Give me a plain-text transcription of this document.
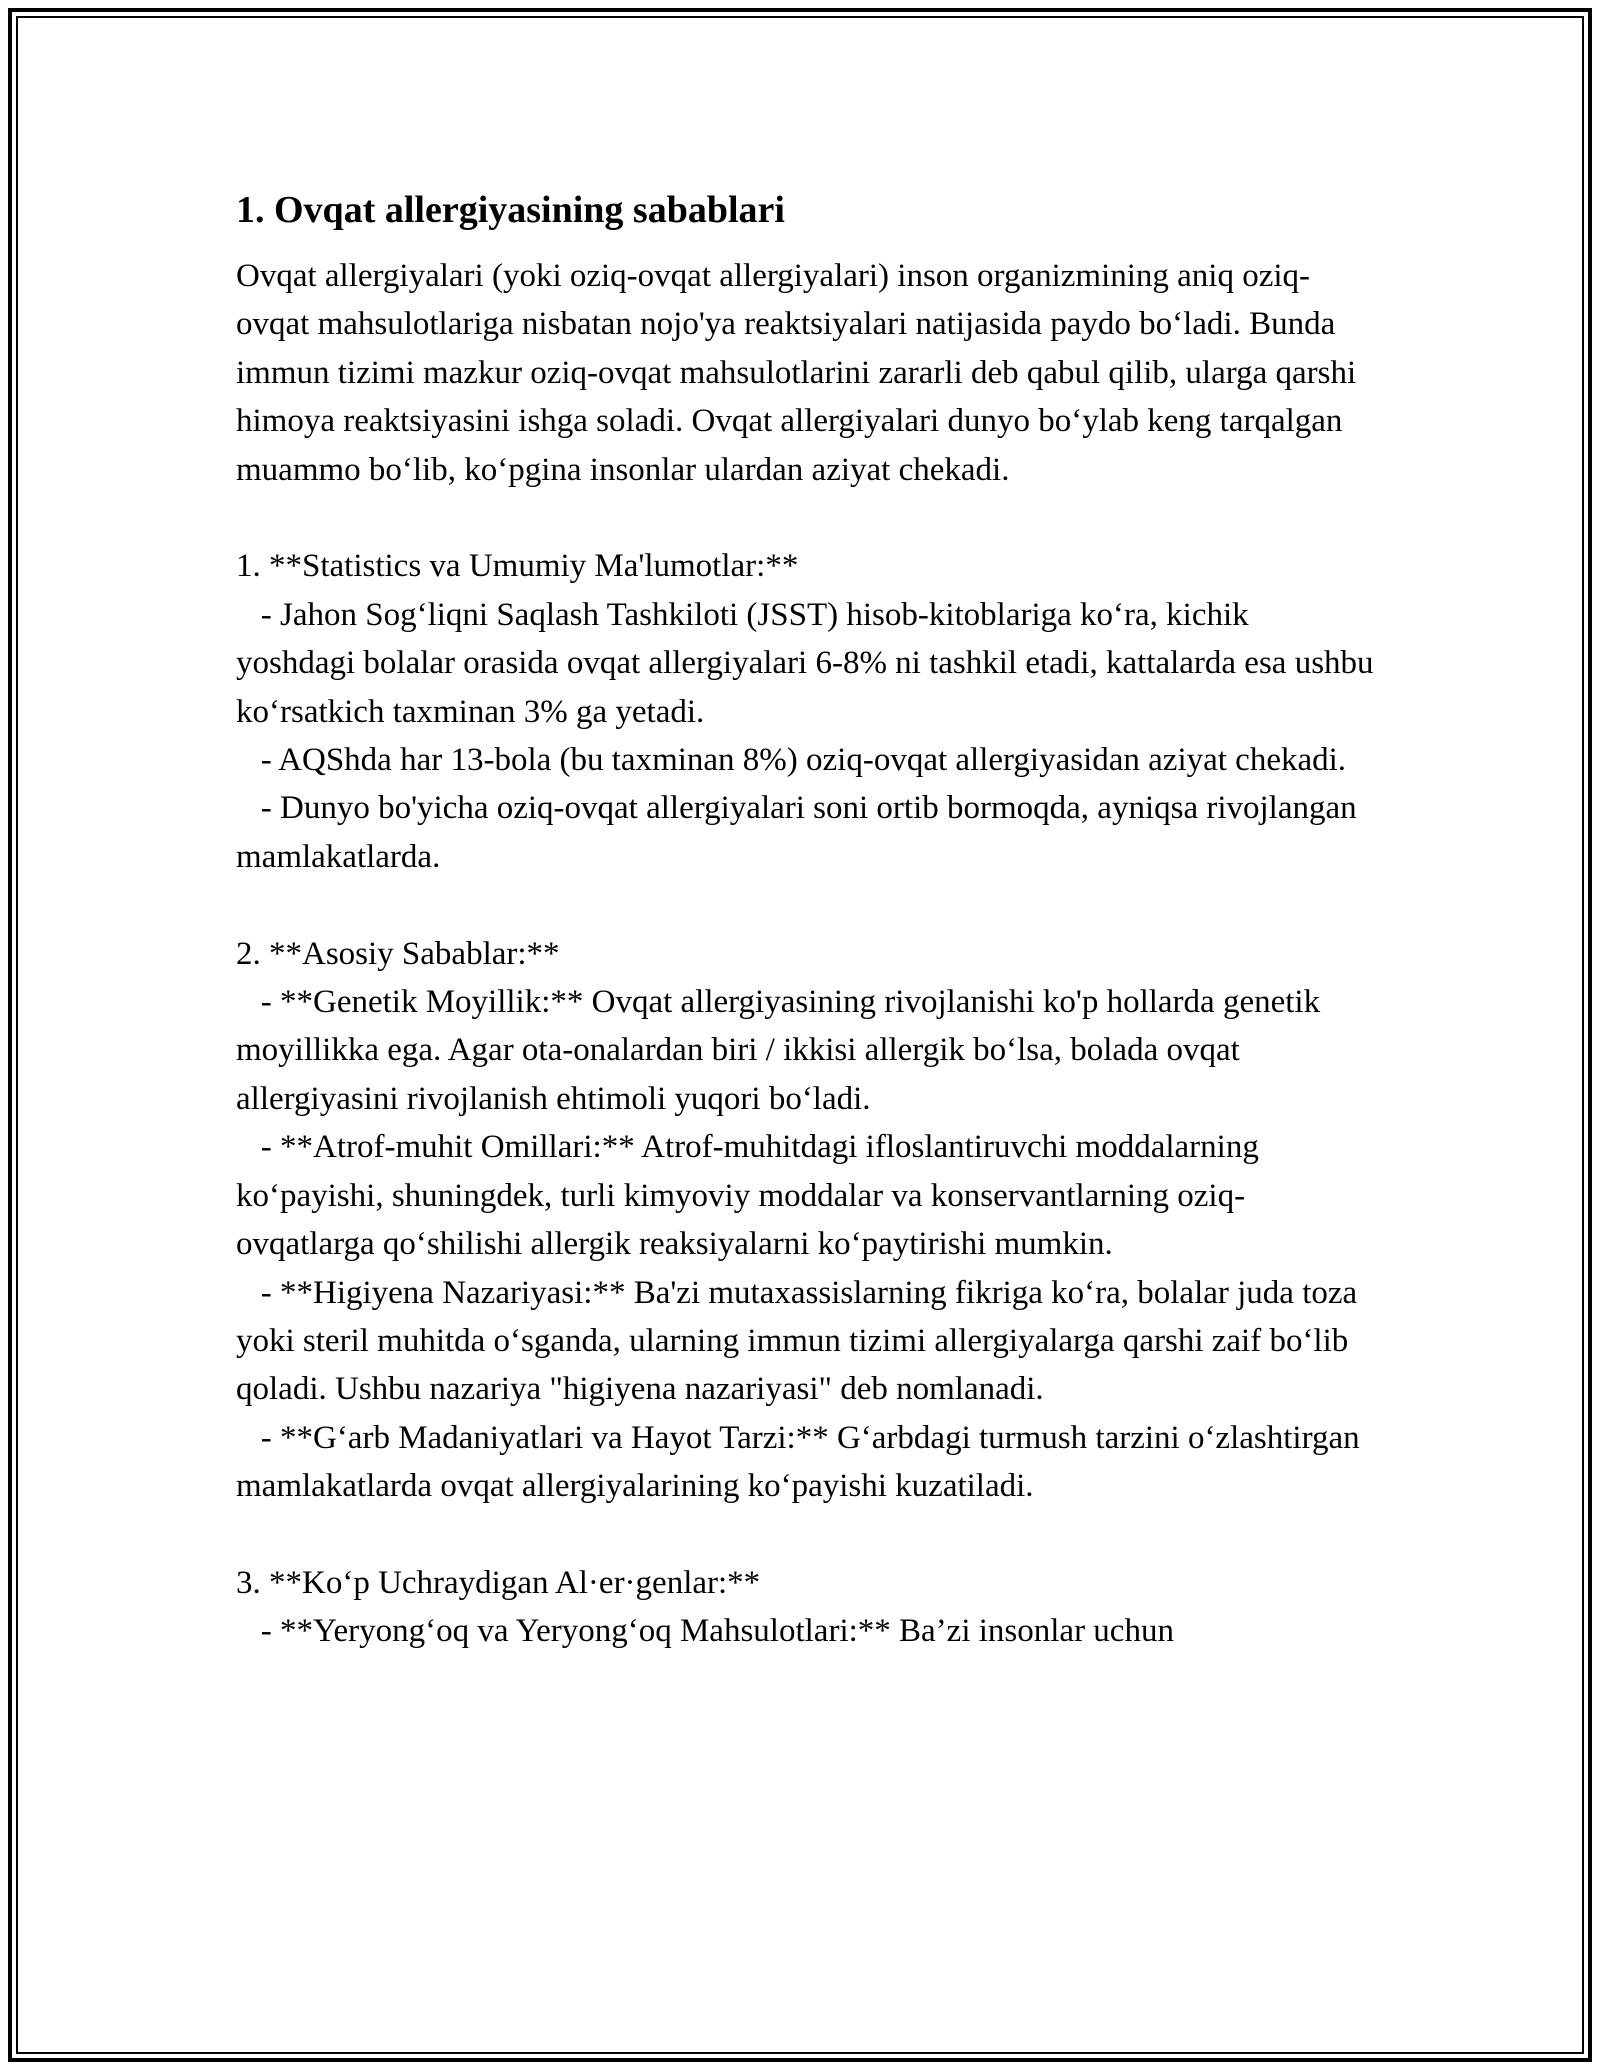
1. Ovqat allergiyasining sabablari

Ovqat allergiyalari (yoki oziq-ovqat allergiyalari) inson organizmining aniq oziq-ovqat mahsulotlariga nisbatan nojo'ya reaktsiyalari natijasida paydo bo‘ladi. Bunda immun tizimi mazkur oziq-ovqat mahsulotlarini zararli deb qabul qilib, ularga qarshi himoya reaktsiyasini ishga soladi. Ovqat allergiyalari dunyo bo‘ylab keng tarqalgan muammo bo‘lib, ko‘pgina insonlar ulardan aziyat chekadi.

1. **Statistics va Umumiy Ma'lumotlar:**

- Jahon Sog‘liqni Saqlash Tashkiloti (JSST) hisob-kitoblariga ko‘ra, kichik yoshdagi bolalar orasida ovqat allergiyalari 6-8% ni tashkil etadi, kattalarda esa ushbu ko‘rsatkich taxminan 3% ga yetadi.

- AQShda har 13-bola (bu taxminan 8%) oziq-ovqat allergiyasidan aziyat chekadi.

- Dunyo bo'yicha oziq-ovqat allergiyalari soni ortib bormoqda, ayniqsa rivojlangan mamlakatlarda.

2. **Asosiy Sabablar:**

- **Genetik Moyillik:** Ovqat allergiyasining rivojlanishi ko'p hollarda genetik moyillikka ega. Agar ota-onalardan biri / ikkisi allergik bo‘lsa, bolada ovqat allergiyasini rivojlanish ehtimoli yuqori bo‘ladi.

- **Atrof-muhit Omillari:** Atrof-muhitdagi ifloslantiruvchi moddalarning ko‘payishi, shuningdek, turli kimyoviy moddalar va konservantlarning oziq-ovqatlarga qo‘shilishi allergik reaksiyalarni ko‘paytirishi mumkin.

- **Higiyena Nazariyasi:** Ba'zi mutaxassislarning fikriga ko‘ra, bolalar juda toza yoki steril muhitda o‘sganda, ularning immun tizimi allergiyalarga qarshi zaif bo‘lib qoladi. Ushbu nazariya "higiyena nazariyasi" deb nomlanadi.

- **G‘arb Madaniyatlari va Hayot Tarzi:** G‘arbdagi turmush tarzini o‘zlashtirgan mamlakatlarda ovqat allergiyalarining ko‘payishi kuzatiladi.

3. **Ko‘p Uchraydigan Al·er·genlar:**

- **Yeryong‘oq va Yeryong‘oq Mahsulotlari:** Ba’zi insonlar uchun
